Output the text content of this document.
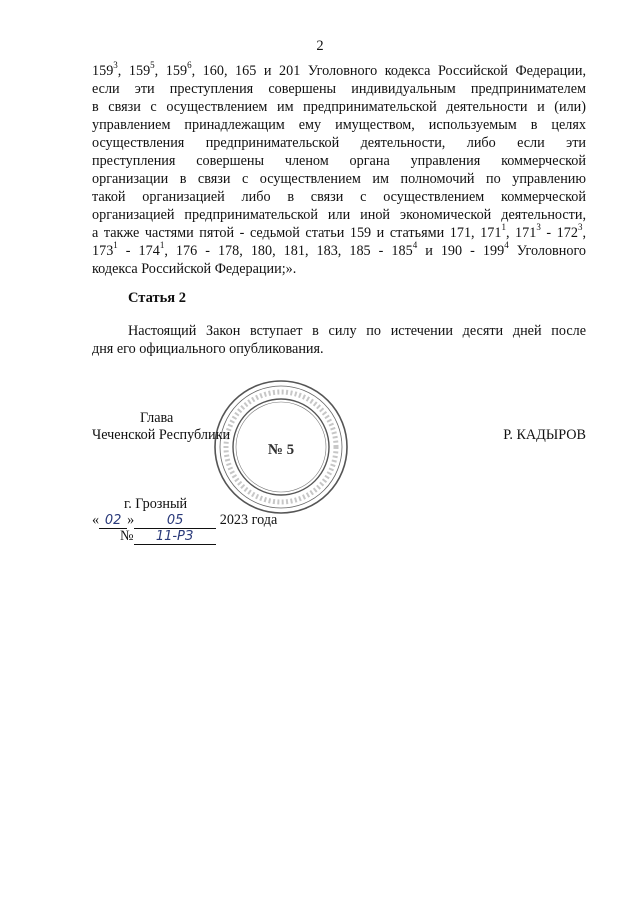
2
$159^3$, $159^5$, $159^6$, 160, 165 и 201 Уголовного кодекса Российской Федерации,
если эти преступления совершены индивидуальным предпринимателем
в связи с осуществлением им предпринимательской деятельности и (или)
управлением принадлежащим ему имуществом, используемым в целях
осуществления предпринимательской деятельности, либо если эти
преступления совершены членом органа управления коммерческой
организации в связи с осуществлением им полномочий по управлению
такой организацией либо в связи с осуществлением коммерческой
организацией предпринимательской или иной экономической деятельности,
а также частями пятой - седьмой статьи 159 и статьями 171, $171^1$, $171^3 - 172^3$,
$173^1 - 174^1$, 176 - 178, 180, 181, 183, $185 - 185^4$ и $190 - 199^4$ Уголовного
кодекса Российской Федерации;».
Статья 2
Настоящий Закон вступает в силу по истечении десяти дней после
дня его официального опубликования.
№ 5
Глава
Чеченской Республики	Р. КАДЫРОВ
г. Грозный
« 02 »	05	2023 года
№ 11-РЗ
